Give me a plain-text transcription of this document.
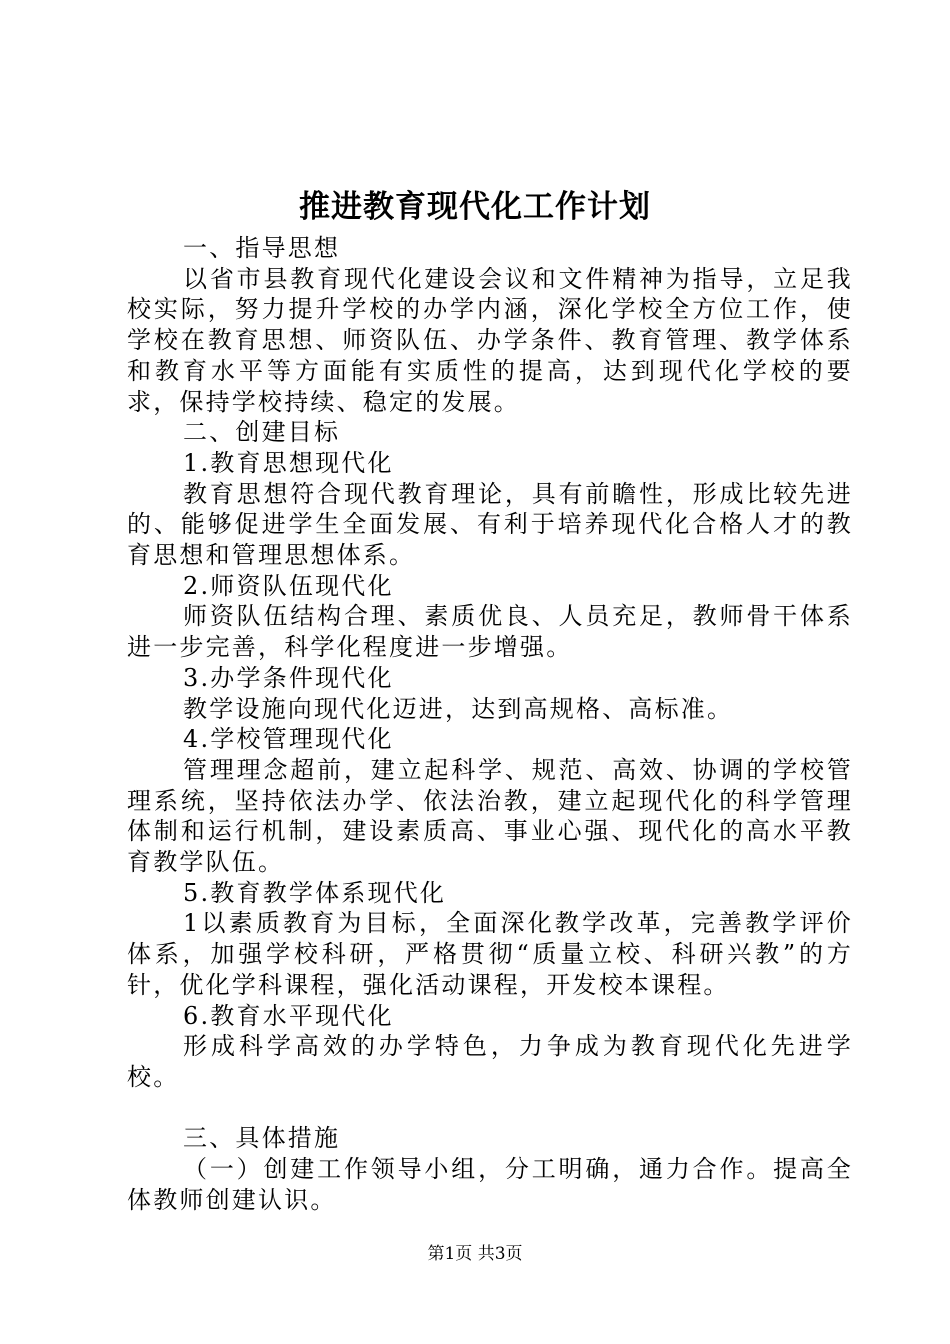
推进教育现代化工作计划

一、指导思想

以省市县教育现代化建设会议和文件精神为指导，立足我校实际，努力提升学校的办学内涵，深化学校全方位工作，使学校在教育思想、师资队伍、办学条件、教育管理、教学体系和教育水平等方面能有实质性的提高，达到现代化学校的要求，保持学校持续、稳定的发展。

二、创建目标

1.教育思想现代化

教育思想符合现代教育理论，具有前瞻性，形成比较先进的、能够促进学生全面发展、有利于培养现代化合格人才的教育思想和管理思想体系。

2.师资队伍现代化

师资队伍结构合理、素质优良、人员充足，教师骨干体系进一步完善，科学化程度进一步增强。

3.办学条件现代化

教学设施向现代化迈进，达到高规格、高标准。

4.学校管理现代化

管理理念超前，建立起科学、规范、高效、协调的学校管理系统，坚持依法办学、依法治教，建立起现代化的科学管理体制和运行机制，建设素质高、事业心强、现代化的高水平教育教学队伍。

5.教育教学体系现代化

1以素质教育为目标，全面深化教学改革，完善教学评价体系，加强学校科研，严格贯彻“质量立校、科研兴教”的方针，优化学科课程，强化活动课程，开发校本课程。

6.教育水平现代化

形成科学高效的办学特色，力争成为教育现代化先进学校。

三、具体措施

（一）创建工作领导小组，分工明确，通力合作。提高全体教师创建认识。

第1页 共3页
